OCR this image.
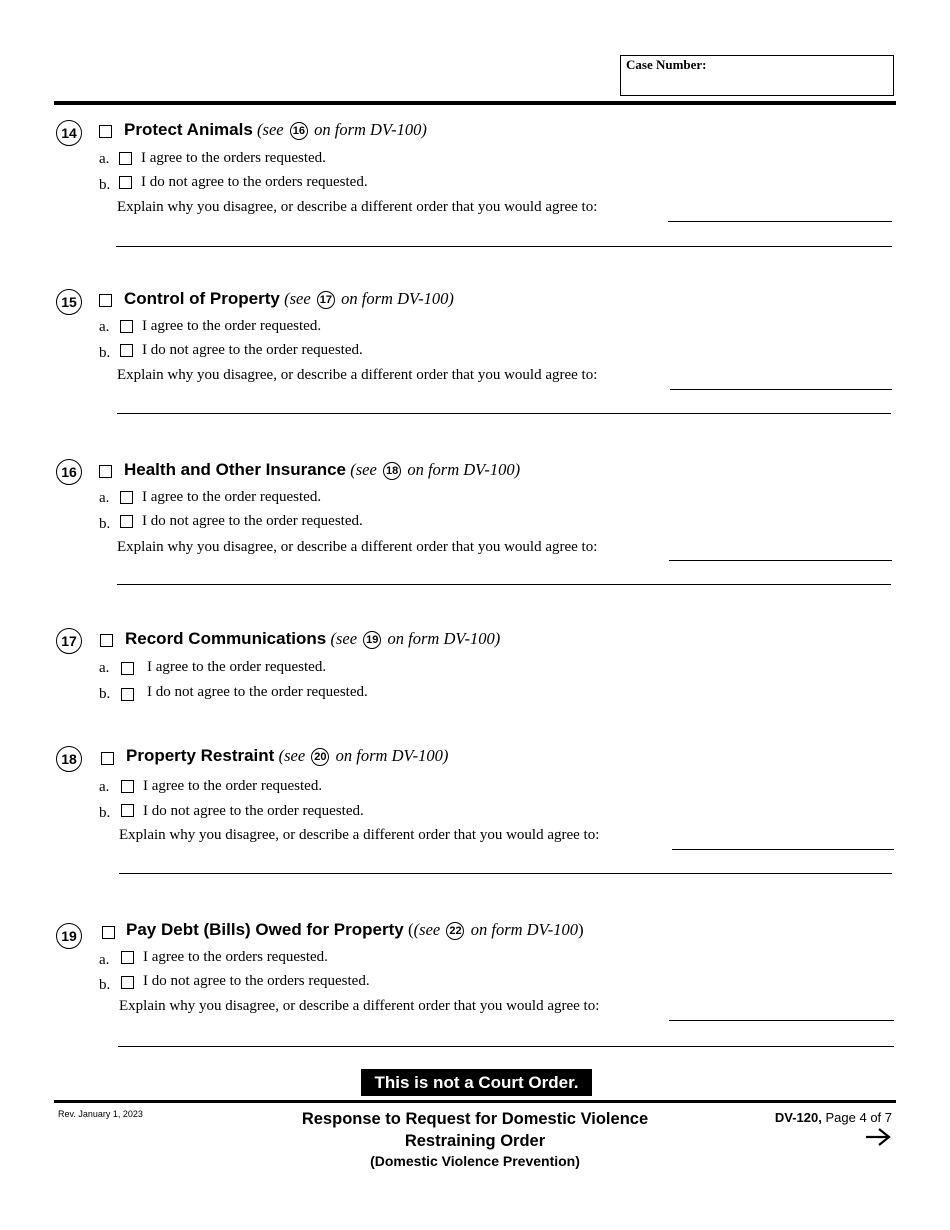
Case Number:
14	Protect Animals (see 16 on form DV-100)
a. I agree to the orders requested.
b. I do not agree to the orders requested.
Explain why you disagree, or describe a different order that you would agree to:
15	Control of Property (see 17 on form DV-100)
a. I agree to the order requested.
b. I do not agree to the order requested.
Explain why you disagree, or describe a different order that you would agree to:
16	Health and Other Insurance (see 18 on form DV-100)
a. I agree to the order requested.
b. I do not agree to the order requested.
Explain why you disagree, or describe a different order that you would agree to:
17	Record Communications (see 19 on form DV-100)
a.	I agree to the order requested.
b. I do not agree to the order requested.
18	Property Restraint (see 20 on form DV-100)
a. I agree to the order requested.
b. I do not agree to the order requested.
Explain why you disagree, or describe a different order that you would agree to:
19	Pay Debt (Bills) Owed for Property ((see 22 on form DV-100)
a. I agree to the orders requested.
b. I do not agree to the orders requested.
Explain why you disagree, or describe a different order that you would agree to:
This is not a Court Order.
Rev. January 1, 2023	Response to Request for Domestic Violence
Restraining Order
(Domestic Violence Prevention)
DV-120, Page 4 of 7
